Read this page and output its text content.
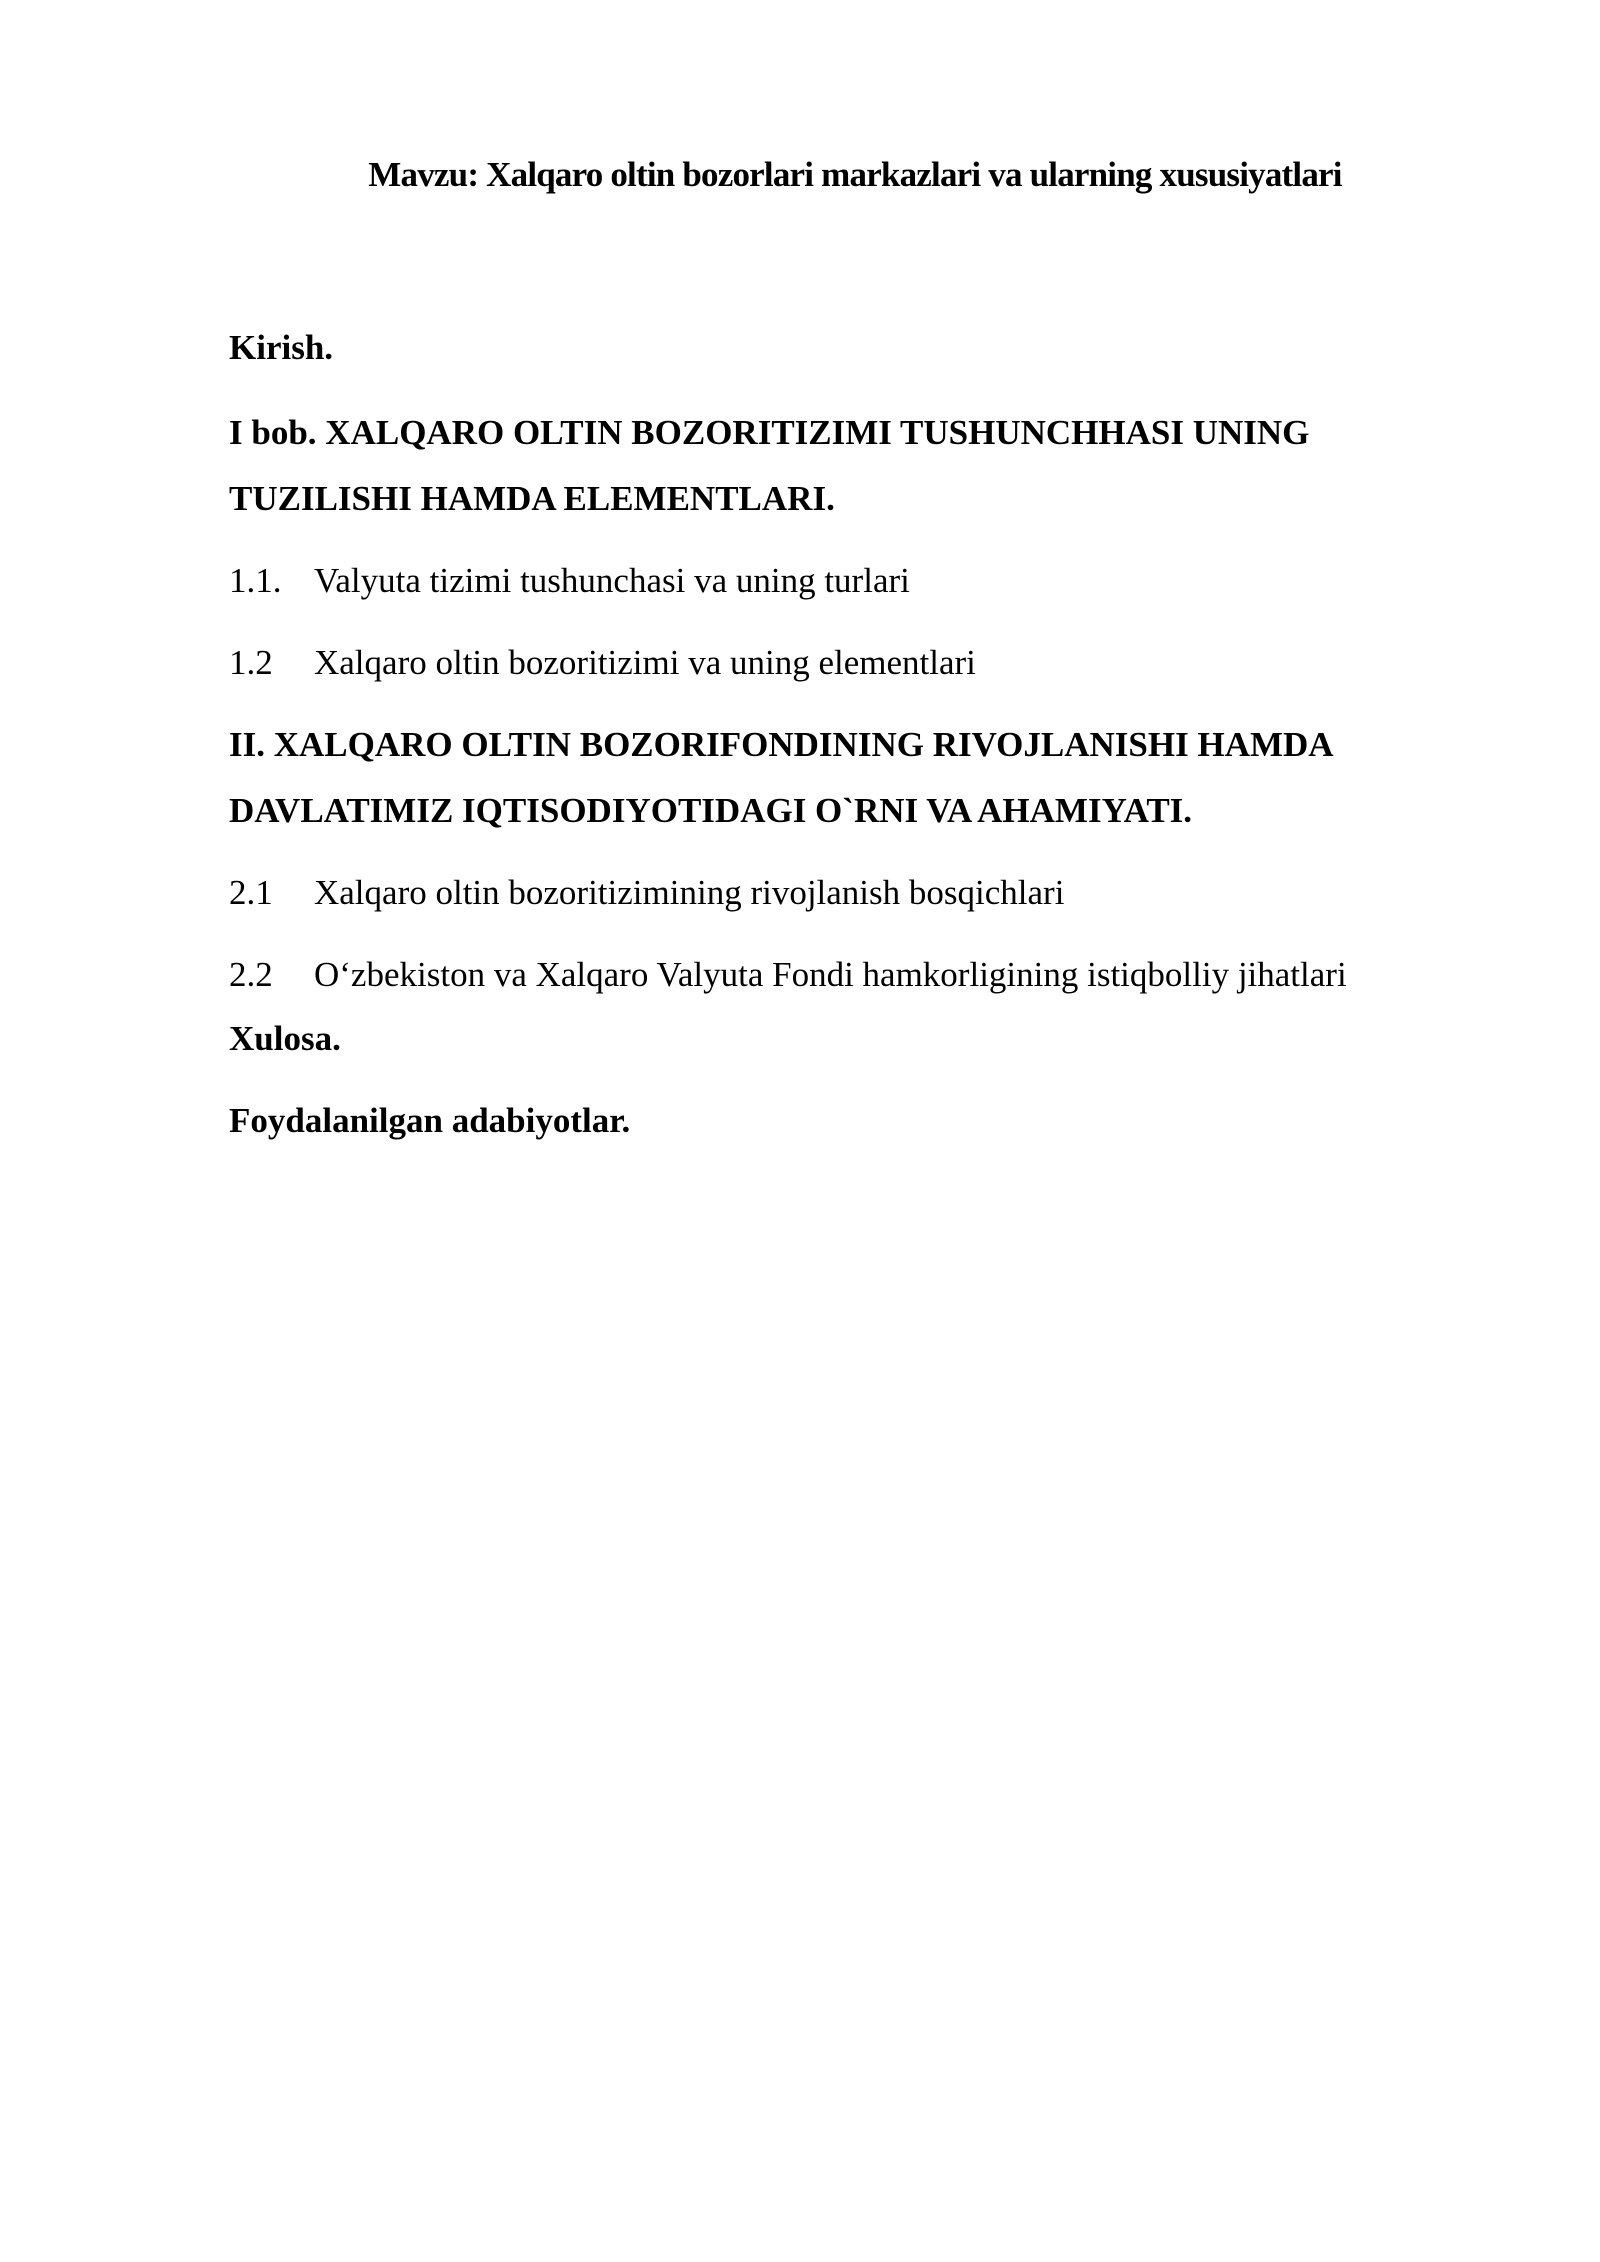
Mavzu: Xalqaro oltin bozorlari markazlari va ularning xususiyatlari
Kirish.
I bob. XALQARO OLTIN BOZORITIZIMI TUSHUNCHHASI UNING
TUZILISHI HAMDA ELEMENTLARI.
1.1. Valyuta tizimi tushunchasi va uning turlari
1.2 Xalqaro oltin bozoritizimi va uning elementlari
II. XALQARO OLTIN BOZORIFONDINING RIVOJLANISHI HAMDA
DAVLATIMIZ IQTISODIYOTIDAGI O`RNI VA AHAMIYATI.
2.1 Xalqaro oltin bozoritizimining rivojlanish bosqichlari
2.2 O‘zbekiston va Xalqaro Valyuta Fondi hamkorligining istiqbolliy jihatlari
Xulosa.
Foydalanilgan adabiyotlar.
